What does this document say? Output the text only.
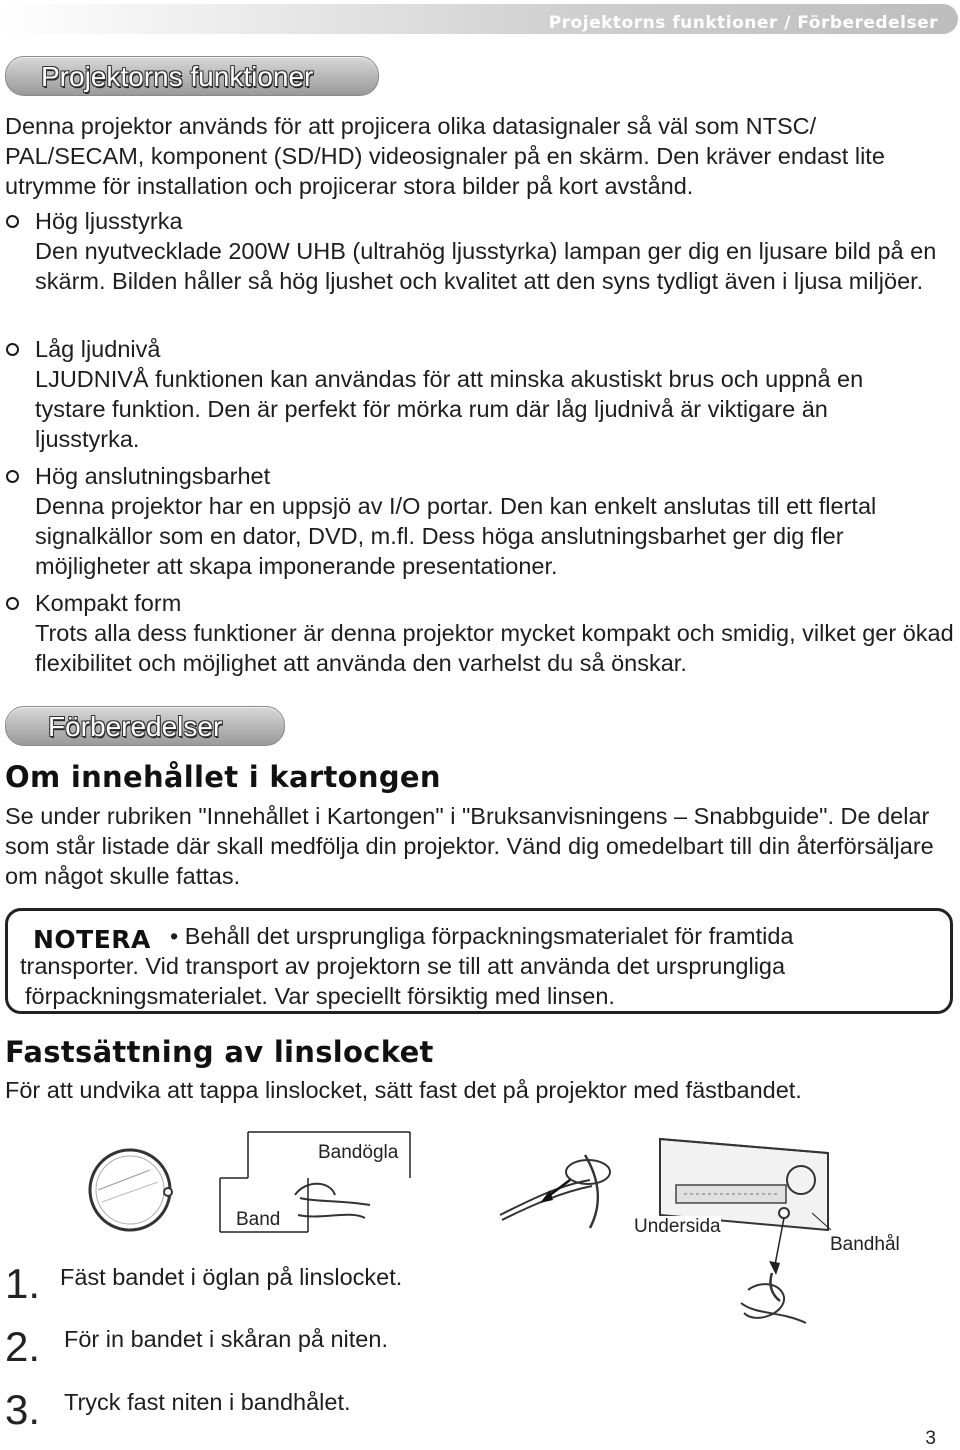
Projektorns funktioner / Förberedelser
Projektorns funktioner

Denna projektor används för att projicera olika datasignaler så väl som NTSC/ PAL/SECAM, komponent (SD/HD) videosignaler på en skärm. Den kräver endast lite utrymme för installation och projicerar stora bilder på kort avstånd.

Hög ljusstyrka

Den nyutvecklade 200W UHB (ultrahög ljusstyrka) lampan ger dig en ljusare bild på en skärm. Bilden håller så hög ljushet och kvalitet att den syns tydligt även i ljusa miljöer.

Låg ljudnivå

LJUDNIVÅ funktionen kan användas för att minska akustiskt brus och uppnå en tystare funktion. Den är perfekt för mörka rum där låg ljudnivå är viktigare än ljusstyrka.

Hög anslutningsbarhet

Denna projektor har en uppsjö av I/O portar. Den kan enkelt anslutas till ett flertal signalkällor som en dator, DVD, m.fl. Dess höga anslutningsbarhet ger dig fler möjligheter att skapa imponerande presentationer.

Kompakt form

Trots alla dess funktioner är denna projektor mycket kompakt och smidig, vilket ger ökad flexibilitet och möjlighet att använda den varhelst du så önskar.

Förberedelser
Om innehållet i kartongen

Se under rubriken "Innehållet i Kartongen" i "Bruksanvisningens – Snabbguide". De delar som står listade där skall medfölja din projektor. Vänd dig omedelbart till din återförsäljare om något skulle fattas.

NOTERA • Behåll det ursprungliga förpackningsmaterialet för framtida
transporter. Vid transport av projektorn se till att använda det ursprungliga
förpackningsmaterialet. Var speciellt försiktig med linsen.
Fastsättning av linslocket

För att undvika att tappa linslocket, sätt fast det på projektor med fästbandet.

Bandögla
Band	Undersida
Bandhål
1. Fäst bandet i öglan på linslocket.
2. För in bandet i skåran på niten.
3. Tryck fast niten i bandhålet.
3
